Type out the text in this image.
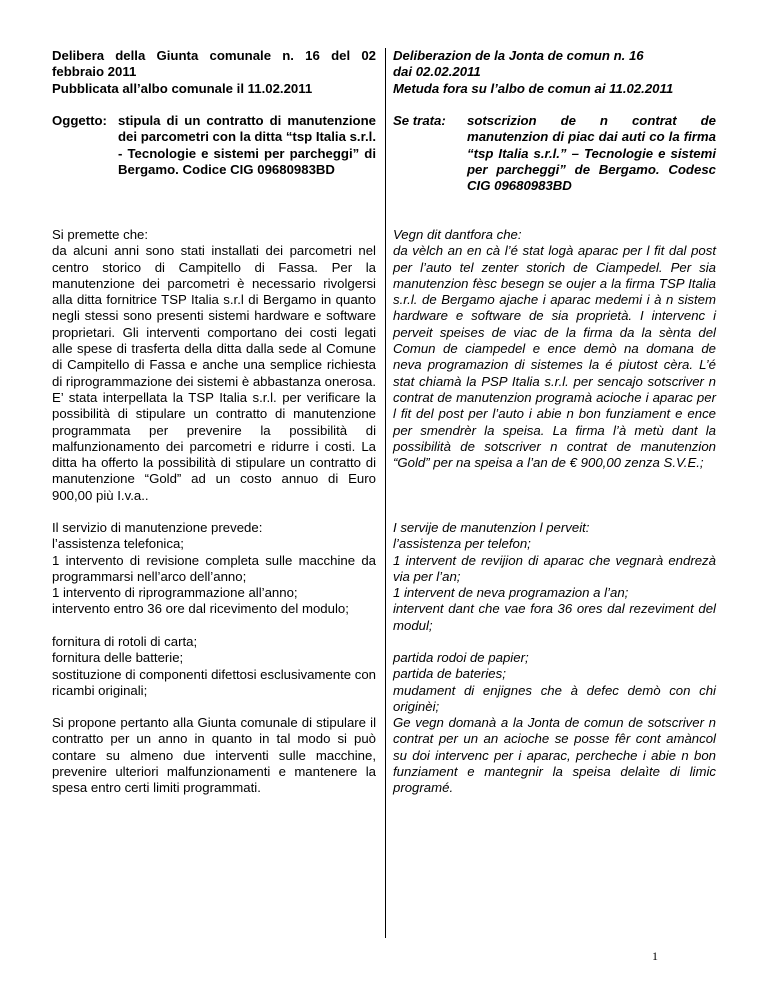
Delibera della Giunta comunale n. 16 del 02 febbraio 2011

Pubblicata all’albo comunale il 11.02.2011

Oggetto: stipula di un contratto di manutenzione dei parcometri con la ditta “tsp Italia s.r.l. - Tecnologie e sistemi per parcheggi” di Bergamo. Codice CIG 09680983BD

Si premette che:

da alcuni anni sono stati installati dei parcometri nel centro storico di Campitello di Fassa. Per la manutenzione dei parcometri è necessario rivolgersi alla ditta fornitrice TSP Italia s.r.l di Bergamo in quanto negli stessi sono presenti sistemi hardware e software proprietari. Gli interventi comportano dei costi legati alle spese di trasferta della ditta dalla sede al Comune di Campitello di Fassa e anche una semplice richiesta di riprogrammazione dei sistemi è abbastanza onerosa. E’ stata interpellata la TSP Italia s.r.l. per verificare la possibilità di stipulare un contratto di manutenzione programmata per prevenire la possibilità di malfunzionamento dei parcometri e ridurre i costi. La ditta ha offerto la possibilità di stipulare un contratto di manutenzione “Gold” ad un costo annuo di Euro 900,00 più I.v.a..

Il servizio di manutenzione prevede:

l’assistenza telefonica;

1 intervento di revisione completa sulle macchine da programmarsi nell’arco dell’anno;

1 intervento di riprogrammazione all’anno;

intervento entro 36 ore dal ricevimento del modulo;

fornitura di rotoli di carta;

fornitura delle batterie;

sostituzione di componenti difettosi esclusivamente con ricambi originali;

Si propone pertanto alla Giunta comunale di stipulare il contratto per un anno in quanto in tal modo si può contare su almeno due interventi sulle macchine, prevenire ulteriori malfunzionamenti e mantenere la spesa entro certi limiti programmati.

Deliberazion de la Jonta de comun n. 16

dai 02.02.2011

Metuda fora su l’albo de comun ai 11.02.2011

Se trata:	sotscrizion de n contrat de manutenzion di piac dai auti co la firma “tsp Italia s.r.l.” – Tecnologie e sistemi per parcheggi” de Bergamo. Codesc CIG 09680983BD

Vegn dit dantfora che:

da vèlch an en cà l’é stat logà aparac per l fit dal post per l’auto tel zenter storich de Ciampedel. Per sia manutenzion fèsc besegn se oujer a la firma TSP Italia s.r.l. de Bergamo ajache i aparac medemi i à n sistem hardware e software de sia proprietà. I intervenc i perveit speises de viac de la firma da la sènta del Comun de ciampedel e ence demò na domana de neva programazion di sistemes la é piutost cèra. L’é stat chiamà la PSP Italia s.r.l. per sencajo sotscriver n contrat de manutenzion programà acioche i aparac per l fit del post per l’auto i abie n bon funziament e ence per smendrèr la speisa. La firma l’à metù dant la possibilità de sotscriver n contrat de manutenzion “Gold” per na speisa a l’an de € 900,00 zenza S.V.E.;

I servije de manutenzion l perveit:

l’assistenza per telefon;

1 intervent de revijion di aparac che vegnarà endrezà via per l’an;

1 intervent de neva programazion a l’an;

intervent dant che vae fora 36 ores dal rezeviment del modul;

partida rodoi de papier;

partida de bateries;

mudament di enjignes che à defec demò con chi originèi;

Ge vegn domanà a la Jonta de comun de sotscriver n contrat per un an acioche se posse fêr cont amàncol su doi intervenc per i aparac, percheche i abie n bon funziament e mantegnir la speisa delaìte di limic programé.

1
